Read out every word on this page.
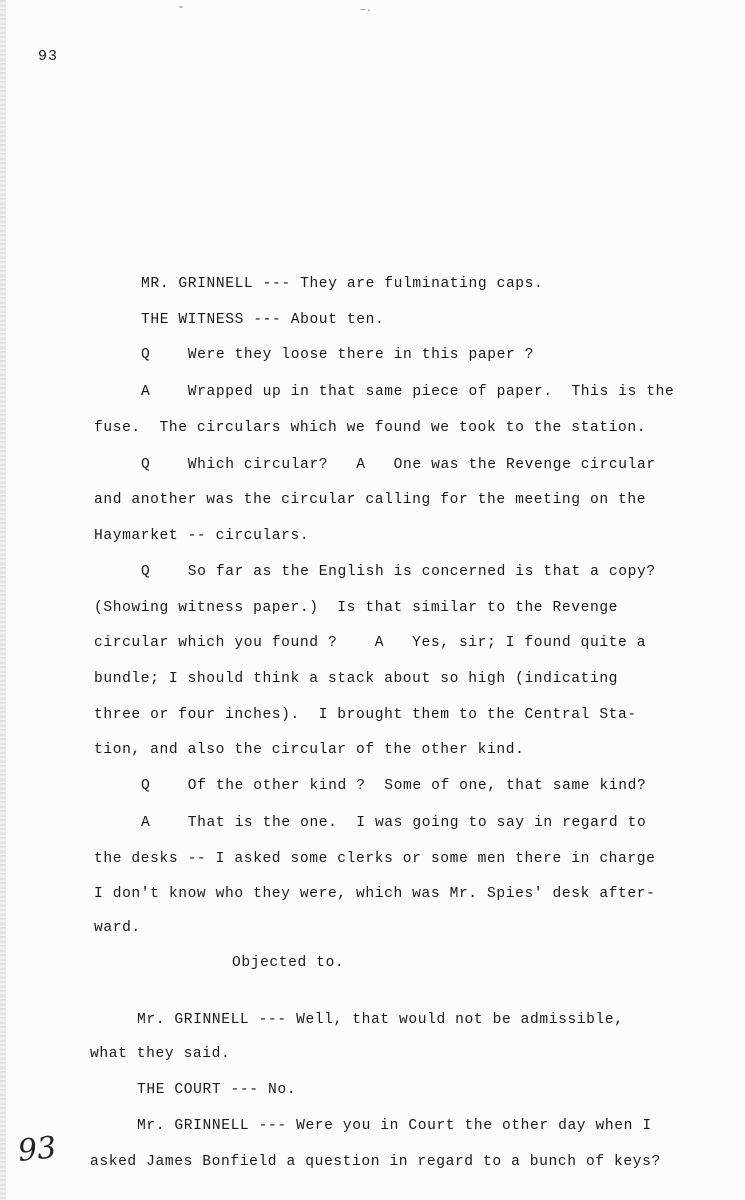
⁼	~·
93
MR. GRINNELL --- They are fulminating caps.
THE WITNESS --- About ten.
Q    Were they loose there in this paper ?
A    Wrapped up in that same piece of paper.  This is the
fuse.  The circulars which we found we took to the station.
Q    Which circular?   A   One was the Revenge circular
and another was the circular calling for the meeting on the
Haymarket -- circulars.
Q    So far as the English is concerned is that a copy?
(Showing witness paper.)  Is that similar to the Revenge
circular which you found ?    A   Yes, sir; I found quite a
bundle; I should think a stack about so high (indicating
three or four inches).  I brought them to the Central Sta-
tion, and also the circular of the other kind.
Q    Of the other kind ?  Some of one, that same kind?
A    That is the one.  I was going to say in regard to
the desks -- I asked some clerks or some men there in charge
I don't know who they were, which was Mr. Spies' desk after-
ward.
Objected to.
Mr. GRINNELL --- Well, that would not be admissible,
what they said.
THE COURT --- No.
Mr. GRINNELL --- Were you in Court the other day when I
asked James Bonfield a question in regard to a bunch of keys?
93
